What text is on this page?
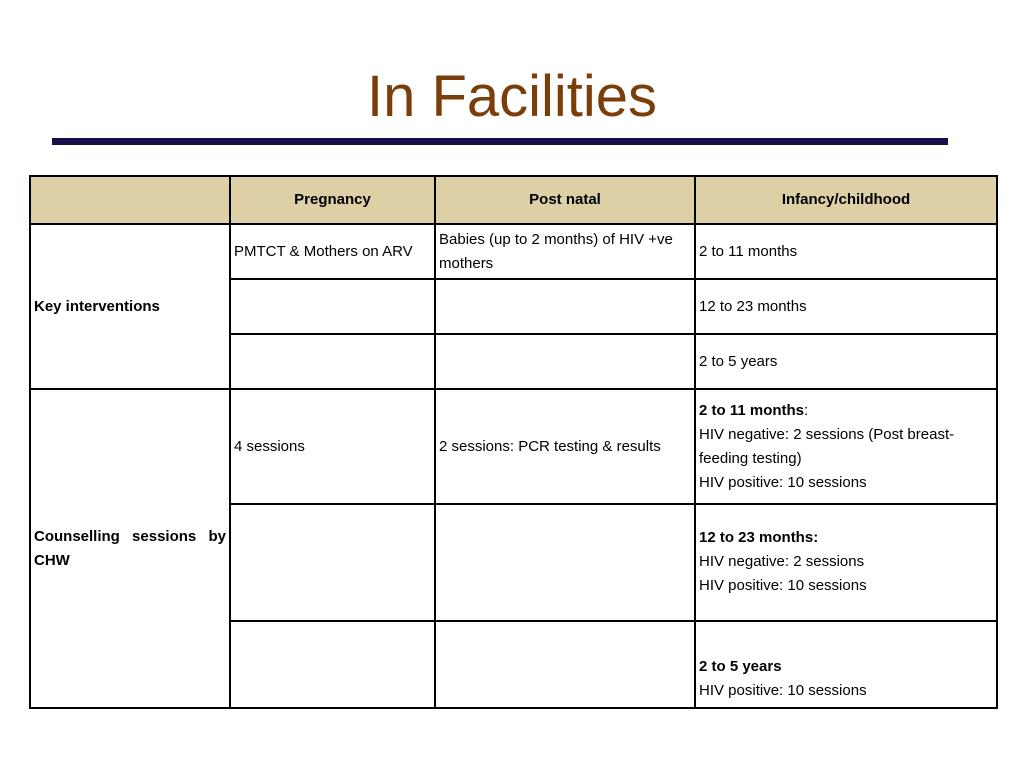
In Facilities
	Pregnancy	Post natal	Infancy/childhood
Key interventions	PMTCT & Mothers on ARV	Babies (up to 2 months) of HIV +ve mothers	2 to 11 months
			12 to 23 months
			2 to 5 years
Counselling sessions by CHW	4 sessions	2 sessions: PCR testing & results	2 to 11 months:
HIV negative: 2 sessions (Post breast-feeding testing)
HIV positive: 10 sessions

			12 to 23 months:
HIV negative: 2 sessions
HIV positive: 10 sessions
			2 to 5 years
HIV positive: 10 sessions
